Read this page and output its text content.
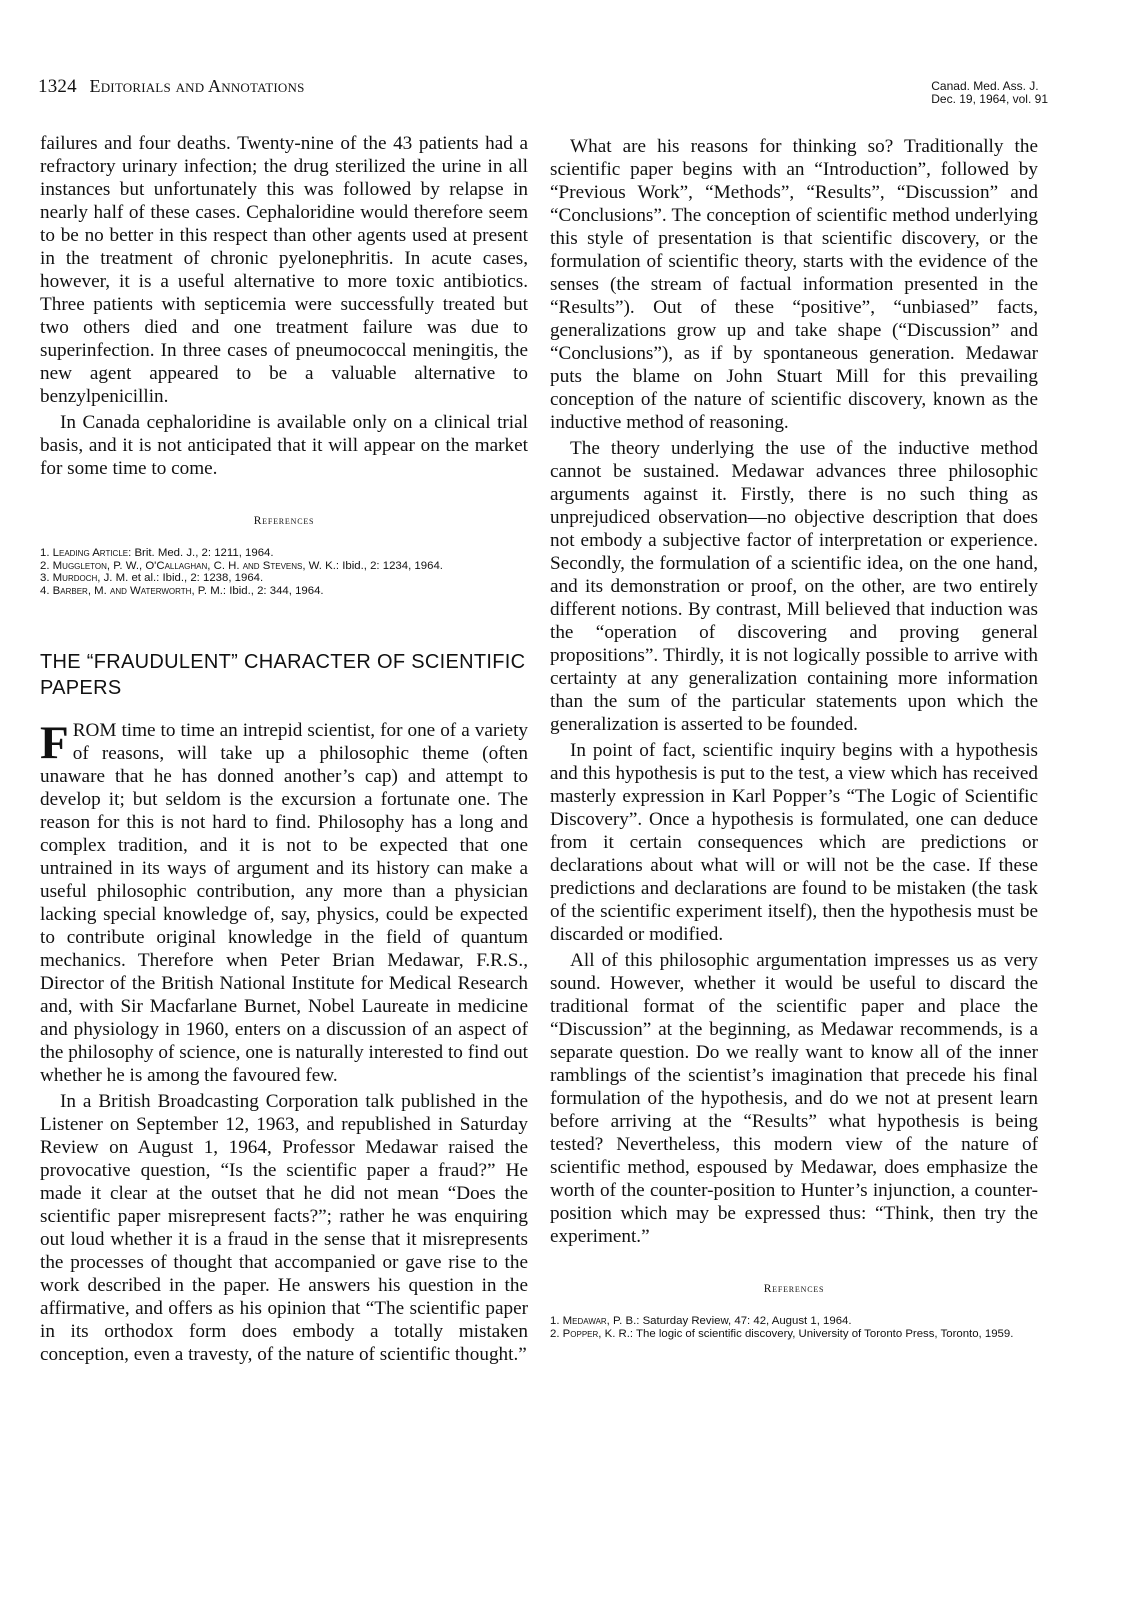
1324 Editorials and Annotations	Canad. Med. Ass. J.
Dec. 19, 1964, vol. 91

failures and four deaths. Twenty-nine of the 43 patients had a refractory urinary infection; the drug sterilized the urine in all instances but unfortunately this was followed by relapse in nearly half of these cases. Cephaloridine would therefore seem to be no better in this respect than other agents used at present in the treatment of chronic pyelonephritis. In acute cases, however, it is a useful alternative to more toxic antibiotics. Three patients with septicemia were successfully treated but two others died and one treatment failure was due to superinfection. In three cases of pneumococcal meningitis, the new agent appeared to be a valuable alternative to benzylpenicillin.

In Canada cephaloridine is available only on a clinical trial basis, and it is not anticipated that it will appear on the market for some time to come.

References
1. Leading Article: Brit. Med. J., 2: 1211, 1964.
2. Muggleton, P. W., O'Callaghan, C. H. and Stevens, W. K.: Ibid., 2: 1234, 1964.
3. Murdoch, J. M. et al.: Ibid., 2: 1238, 1964.
4. Barber, M. and Waterworth, P. M.: Ibid., 2: 344, 1964.
THE “FRAUDULENT” CHARACTER OF SCIENTIFIC PAPERS

FROM time to time an intrepid scientist, for one of a variety of reasons, will take up a philosophic theme (often unaware that he has donned another’s cap) and attempt to develop it; but seldom is the excursion a fortunate one. The reason for this is not hard to find. Philosophy has a long and complex tradition, and it is not to be expected that one untrained in its ways of argument and its history can make a useful philosophic contribution, any more than a physician lacking special knowledge of, say, physics, could be expected to contribute original knowledge in the field of quantum mechanics. Therefore when Peter Brian Medawar, F.R.S., Director of the British National Institute for Medical Research and, with Sir Macfarlane Burnet, Nobel Laureate in medicine and physiology in 1960, enters on a discussion of an aspect of the philosophy of science, one is naturally interested to find out whether he is among the favoured few.

In a British Broadcasting Corporation talk published in the Listener on September 12, 1963, and republished in Saturday Review on August 1, 1964, Professor Medawar raised the provocative question, “Is the scientific paper a fraud?” He made it clear at the outset that he did not mean “Does the scientific paper misrepresent facts?”; rather he was enquiring out loud whether it is a fraud in the sense that it misrepresents the processes of thought that accompanied or gave rise to the work described in the paper. He answers his question in the affirmative, and offers as his opinion that “The scientific paper in its orthodox form does embody a totally mistaken conception, even a travesty, of the nature of scientific thought.”

What are his reasons for thinking so? Traditionally the scientific paper begins with an “Introduction”, followed by “Previous Work”, “Methods”, “Results”, “Discussion” and “Conclusions”. The conception of scientific method underlying this style of presentation is that scientific discovery, or the formulation of scientific theory, starts with the evidence of the senses (the stream of factual information presented in the “Results”). Out of these “positive”, “unbiased” facts, generalizations grow up and take shape (“Discussion” and “Conclusions”), as if by spontaneous generation. Medawar puts the blame on John Stuart Mill for this prevailing conception of the nature of scientific discovery, known as the inductive method of reasoning.

The theory underlying the use of the inductive method cannot be sustained. Medawar advances three philosophic arguments against it. Firstly, there is no such thing as unprejudiced observation—no objective description that does not embody a subjective factor of interpretation or experience. Secondly, the formulation of a scientific idea, on the one hand, and its demonstration or proof, on the other, are two entirely different notions. By contrast, Mill believed that induction was the “operation of discovering and proving general propositions”. Thirdly, it is not logically possible to arrive with certainty at any generalization containing more information than the sum of the particular statements upon which the generalization is asserted to be founded.

In point of fact, scientific inquiry begins with a hypothesis and this hypothesis is put to the test, a view which has received masterly expression in Karl Popper’s “The Logic of Scientific Discovery”. Once a hypothesis is formulated, one can deduce from it certain consequences which are predictions or declarations about what will or will not be the case. If these predictions and declarations are found to be mistaken (the task of the scientific experiment itself), then the hypothesis must be discarded or modified.

All of this philosophic argumentation impresses us as very sound. However, whether it would be useful to discard the traditional format of the scientific paper and place the “Discussion” at the beginning, as Medawar recommends, is a separate question. Do we really want to know all of the inner ramblings of the scientist’s imagination that precede his final formulation of the hypothesis, and do we not at present learn before arriving at the “Results” what hypothesis is being tested? Nevertheless, this modern view of the nature of scientific method, espoused by Medawar, does emphasize the worth of the counter-position to Hunter’s injunction, a counter-position which may be expressed thus: “Think, then try the experiment.”

References
1. Medawar, P. B.: Saturday Review, 47: 42, August 1, 1964.
2. Popper, K. R.: The logic of scientific discovery, University of Toronto Press, Toronto, 1959.
